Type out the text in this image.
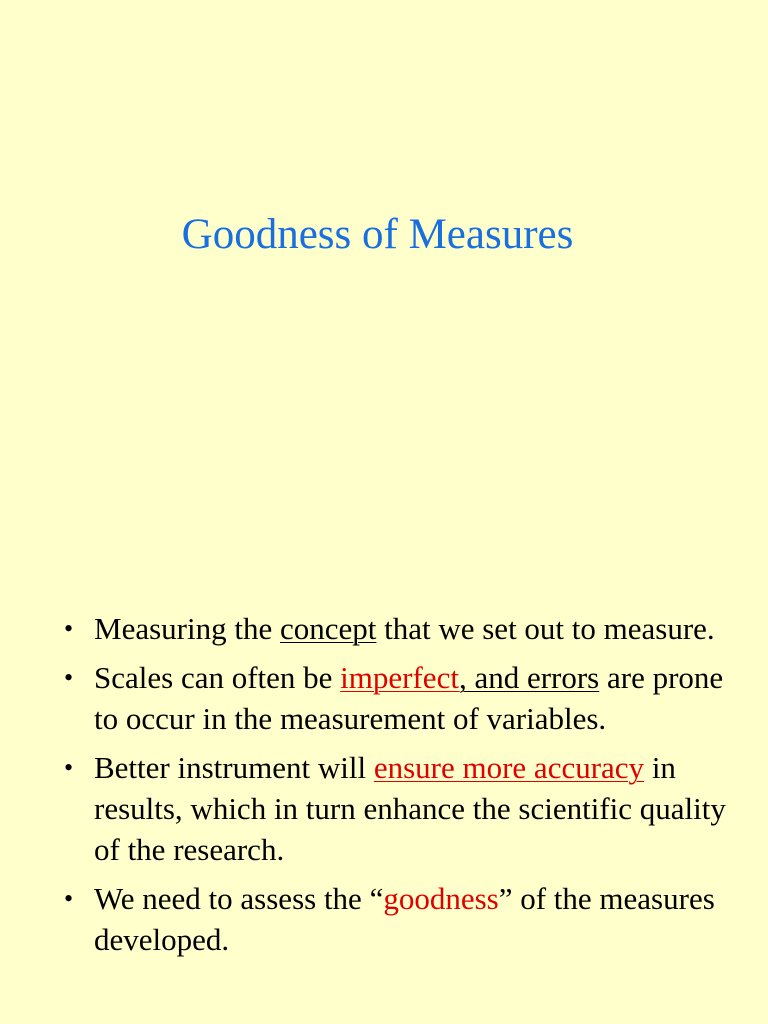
Goodness of Measures
• Measuring the concept that we set out to measure.
• Scales can often be imperfect, and errors are prone to occur in the measurement of variables.
• Better instrument will ensure more accuracy in results, which in turn enhance the scientific quality of the research.
• We need to assess the “goodness” of the measures developed.
